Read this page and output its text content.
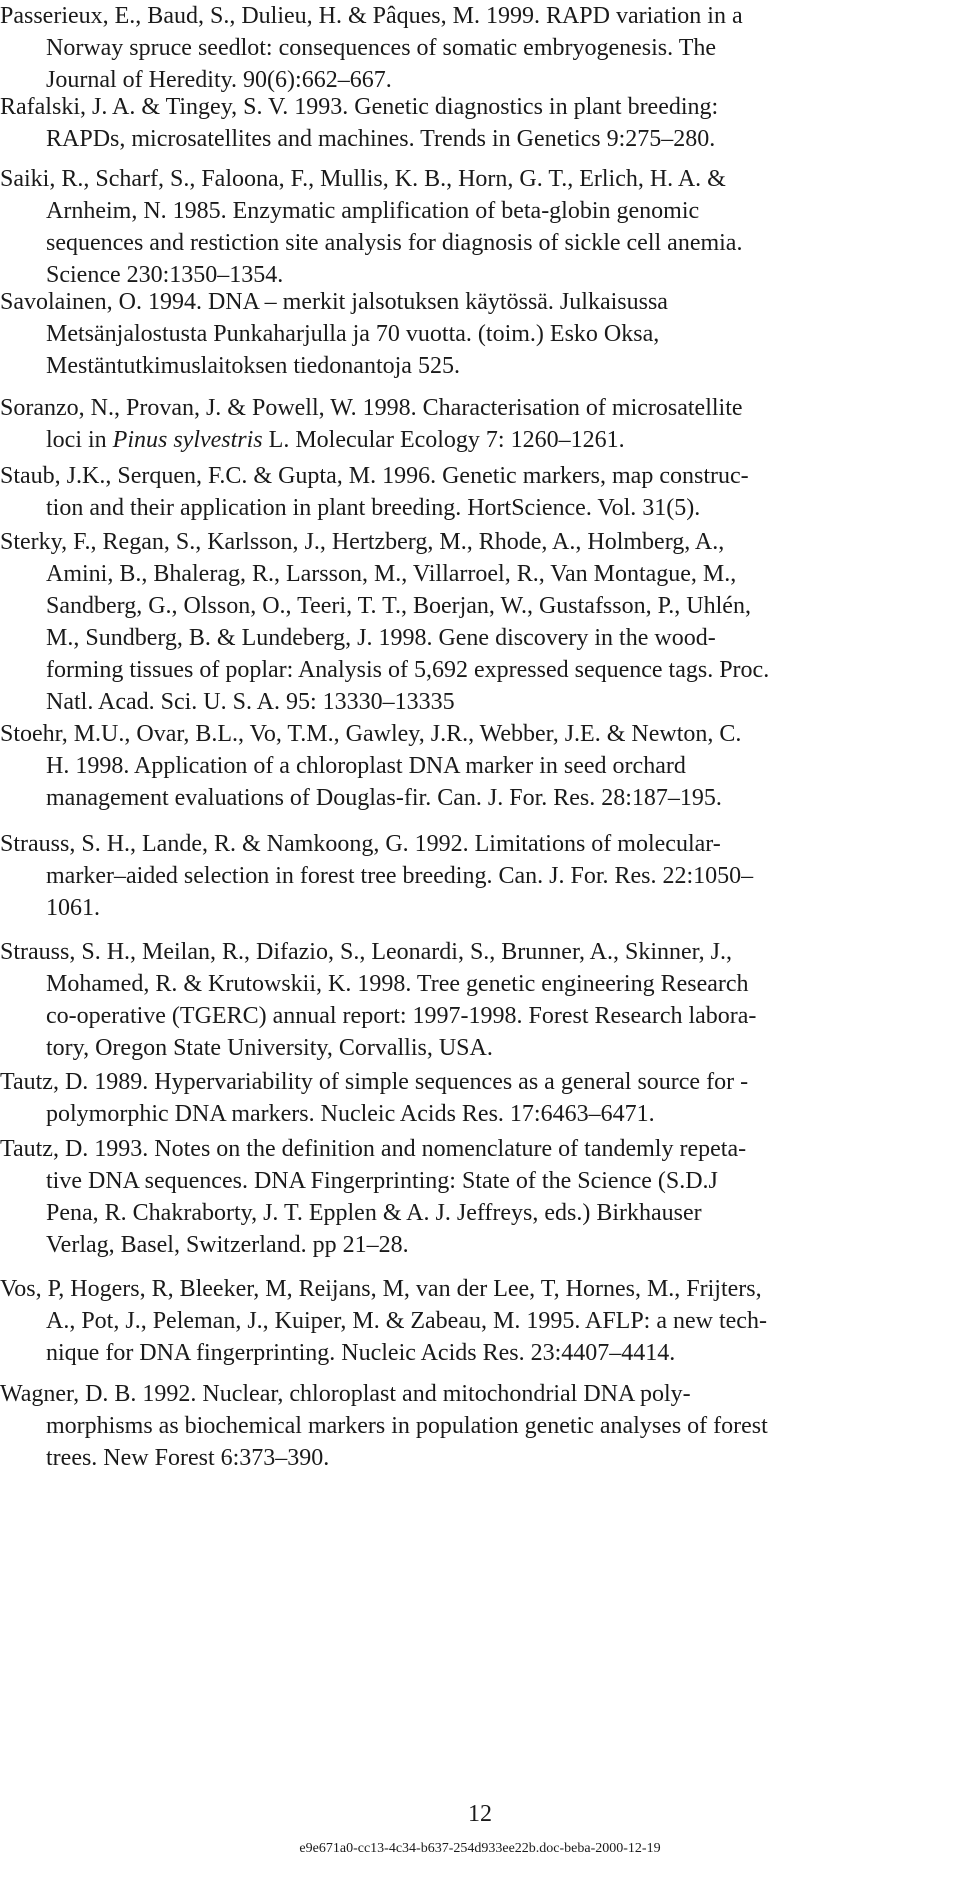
Passerieux, E., Baud, S., Dulieu, H. & Pâques, M. 1999. RAPD variation in a
Norway spruce seedlot: consequences of somatic embryogenesis. The
Journal of Heredity. 90(6):662–667.
Rafalski, J. A. & Tingey, S. V. 1993. Genetic diagnostics in plant breeding:
RAPDs, microsatellites and machines. Trends in Genetics 9:275–280.
Saiki, R., Scharf, S., Faloona, F., Mullis, K. B., Horn, G. T., Erlich, H. A. &
Arnheim, N. 1985. Enzymatic amplification of beta-globin genomic
sequences and restiction site analysis for diagnosis of sickle cell anemia.
Science 230:1350–1354.
Savolainen, O. 1994. DNA – merkit jalsotuksen käytössä. Julkaisussa
Metsänjalostusta Punkaharjulla ja 70 vuotta. (toim.) Esko Oksa,
Mestäntutkimuslaitoksen tiedonantoja 525.
Soranzo, N., Provan, J. & Powell, W. 1998. Characterisation of microsatellite
loci in Pinus sylvestris L. Molecular Ecology 7: 1260–1261.
Staub, J.K., Serquen, F.C. & Gupta, M. 1996. Genetic markers, map construc-
tion and their application in plant breeding. HortScience. Vol. 31(5).
Sterky, F., Regan, S., Karlsson, J., Hertzberg, M., Rhode, A., Holmberg, A.,
Amini, B., Bhalerag, R., Larsson, M., Villarroel, R., Van Montague, M.,
Sandberg, G., Olsson, O., Teeri, T. T., Boerjan, W., Gustafsson, P., Uhlén,
M., Sundberg, B. & Lundeberg, J. 1998. Gene discovery in the wood-
forming tissues of poplar: Analysis of 5,692 expressed sequence tags. Proc.
Natl. Acad. Sci. U. S. A. 95: 13330–13335
Stoehr, M.U., Ovar, B.L., Vo, T.M., Gawley, J.R., Webber, J.E. & Newton, C.
H. 1998. Application of a chloroplast DNA marker in seed orchard
management evaluations of Douglas-fir. Can. J. For. Res. 28:187–195.
Strauss, S. H., Lande, R. & Namkoong, G. 1992. Limitations of molecular-
marker–aided selection in forest tree breeding. Can. J. For. Res. 22:1050–
1061.
Strauss, S. H., Meilan, R., Difazio, S., Leonardi, S., Brunner, A., Skinner, J.,
Mohamed, R. & Krutowskii, K. 1998. Tree genetic engineering Research
co-operative (TGERC) annual report: 1997-1998. Forest Research labora-
tory, Oregon State University, Corvallis, USA.
Tautz, D. 1989. Hypervariability of simple sequences as a general source for -
polymorphic DNA markers. Nucleic Acids Res. 17:6463–6471.
Tautz, D. 1993. Notes on the definition and nomenclature of tandemly repeta-
tive DNA sequences. DNA Fingerprinting: State of the Science (S.D.J
Pena, R. Chakraborty, J. T. Epplen & A. J. Jeffreys, eds.) Birkhauser
Verlag, Basel, Switzerland. pp 21–28.
Vos, P, Hogers, R, Bleeker, M, Reijans, M, van der Lee, T, Hornes, M., Frijters,
A., Pot, J., Peleman, J., Kuiper, M. & Zabeau, M. 1995. AFLP: a new tech-
nique for DNA fingerprinting. Nucleic Acids Res. 23:4407–4414.
Wagner, D. B. 1992. Nuclear, chloroplast and mitochondrial DNA poly-
morphisms as biochemical markers in population genetic analyses of forest
trees. New Forest 6:373–390.
12
e9e671a0-cc13-4c34-b637-254d933ee22b.doc-beba-2000-12-19
